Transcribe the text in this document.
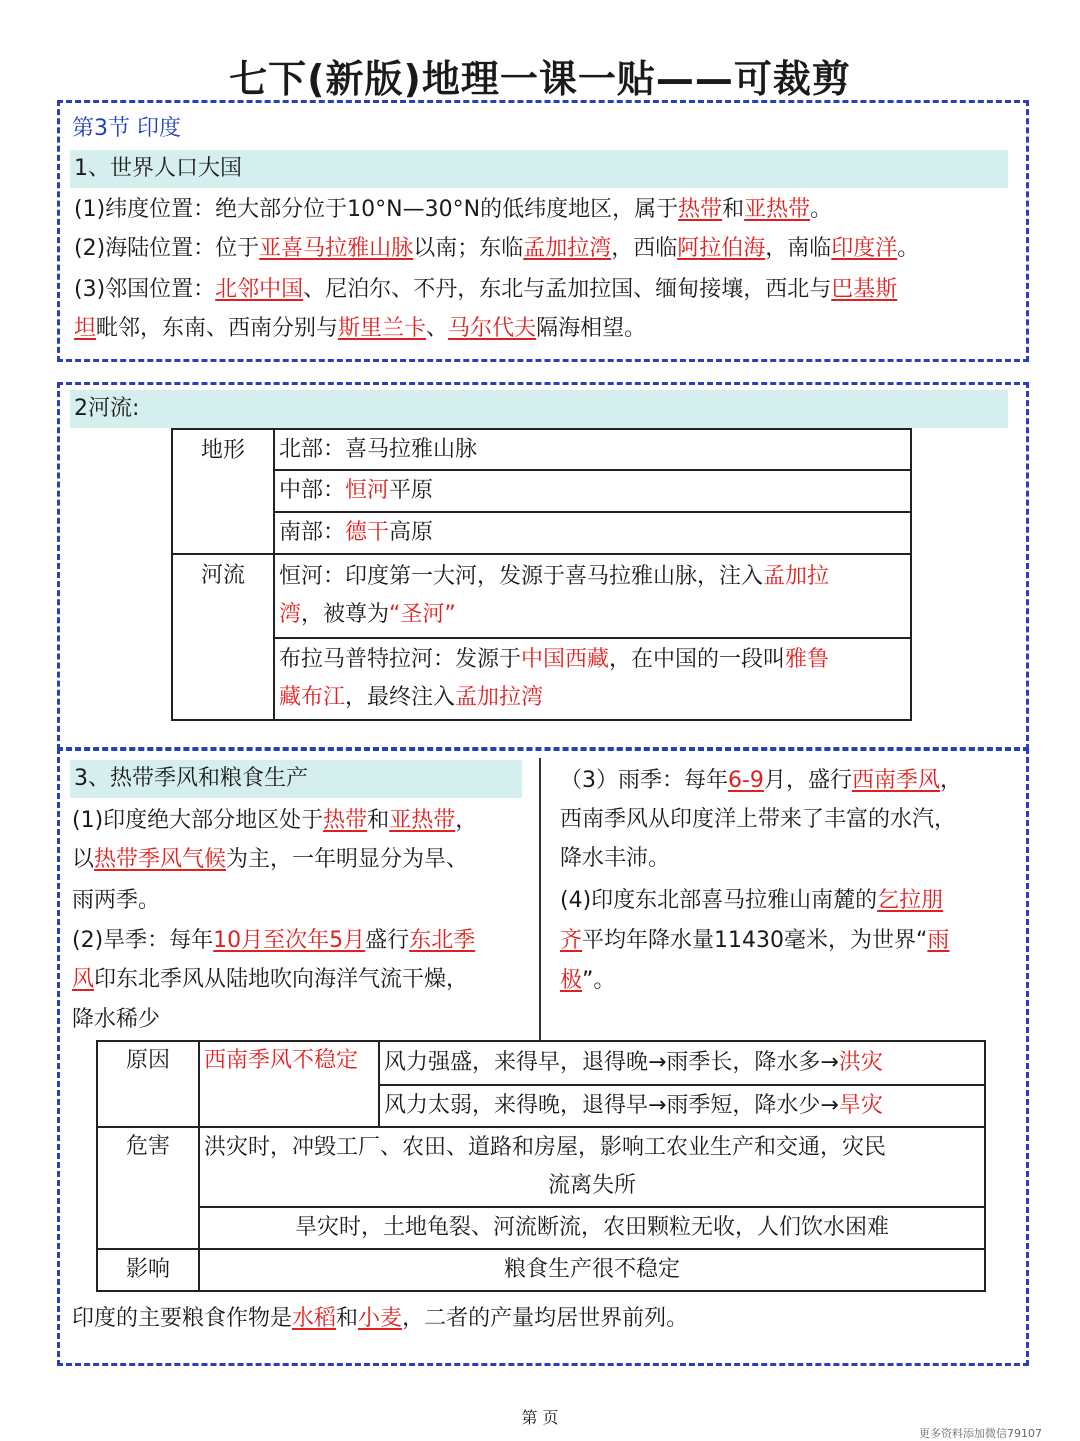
七下(新版)地理一课一贴——可裁剪
第3节 印度
1、世界人口大国
(1)纬度位置：绝大部分位于10°N—30°N的低纬度地区，属于热带和亚热带。
(2)海陆位置：位于亚喜马拉雅山脉以南；东临孟加拉湾，西临阿拉伯海，南临印度洋。
(3)邻国位置：北邻中国、尼泊尔、不丹，东北与孟加拉国、缅甸接壤，西北与巴基斯
坦毗邻，东南、西南分别与斯里兰卡、马尔代夫隔海相望。
2河流:
地形	北部：喜马拉雅山脉
	中部：恒河平原
	南部：德干高原
河流	恒河：印度第一大河，发源于喜马拉雅山脉，注入孟加拉
湾，被尊为“圣河”

	布拉马普特拉河：发源于中国西藏，在中国的一段叫雅鲁
藏布江，最终注入孟加拉湾
3、热带季风和粮食生产
(1)印度绝大部分地区处于热带和亚热带，
以热带季风气候为主，一年明显分为旱、
雨两季。
(2)旱季：每年10月至次年5月盛行东北季
风印东北季风从陆地吹向海洋气流干燥，
降水稀少
（3）雨季：每年6-9月，盛行西南季风，
西南季风从印度洋上带来了丰富的水汽，
降水丰沛。
(4)印度东北部喜马拉雅山南麓的乞拉朋
齐平均年降水量11430毫米，为世界“雨
极”。
原因	西南季风不稳定	风力强盛，来得早，退得晚→雨季长，降水多→洪灾
		风力太弱，来得晚，退得早→雨季短，降水少→旱灾
危害	洪灾时，冲毁工厂、农田、道路和房屋，影响工农业生产和交通，灾民
流离失所	

	旱灾时，土地龟裂、河流断流，农田颗粒无收，人们饮水困难	
影响	粮食生产很不稳定	
印度的主要粮食作物是水稻和小麦，二者的产量均居世界前列。
第 页
更多资料添加微信79107
